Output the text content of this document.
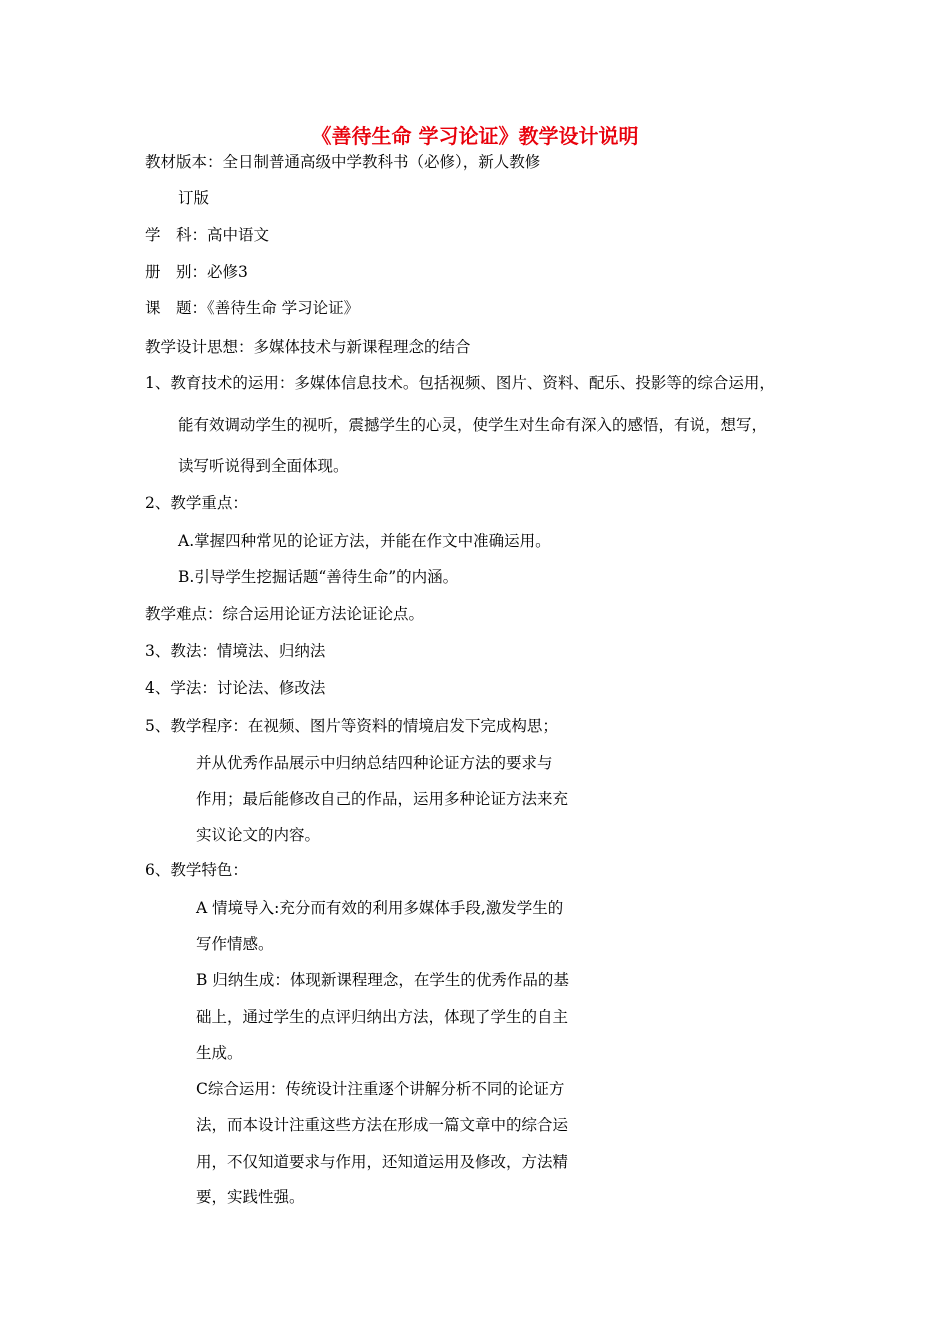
《善待生命 学习论证》教学设计说明
教材版本：全日制普通高级中学教科书（必修），新人教修
订版
学　科：高中语文
册　别：必修3
课　题：《善待生命 学习论证》
教学设计思想：多媒体技术与新课程理念的结合
1、教育技术的运用：多媒体信息技术。包括视频、图片、资料、配乐、投影等的综合运用，
能有效调动学生的视听，震撼学生的心灵，使学生对生命有深入的感悟，有说，想写，
读写听说得到全面体现。
2、教学重点：
A.掌握四种常见的论证方法，并能在作文中准确运用。
B.引导学生挖掘话题“善待生命”的内涵。
教学难点：综合运用论证方法论证论点。
3、教法：情境法、归纳法
4、学法：讨论法、修改法
5、教学程序：在视频、图片等资料的情境启发下完成构思；
并从优秀作品展示中归纳总结四种论证方法的要求与
作用；最后能修改自己的作品，运用多种论证方法来充
实议论文的内容。
6、教学特色：
A 情境导入:充分而有效的利用多媒体手段,激发学生的
写作情感。
B 归纳生成：体现新课程理念，在学生的优秀作品的基
础上，通过学生的点评归纳出方法，体现了学生的自主
生成。
C综合运用：传统设计注重逐个讲解分析不同的论证方
法，而本设计注重这些方法在形成一篇文章中的综合运
用，不仅知道要求与作用，还知道运用及修改，方法精
要，实践性强。
